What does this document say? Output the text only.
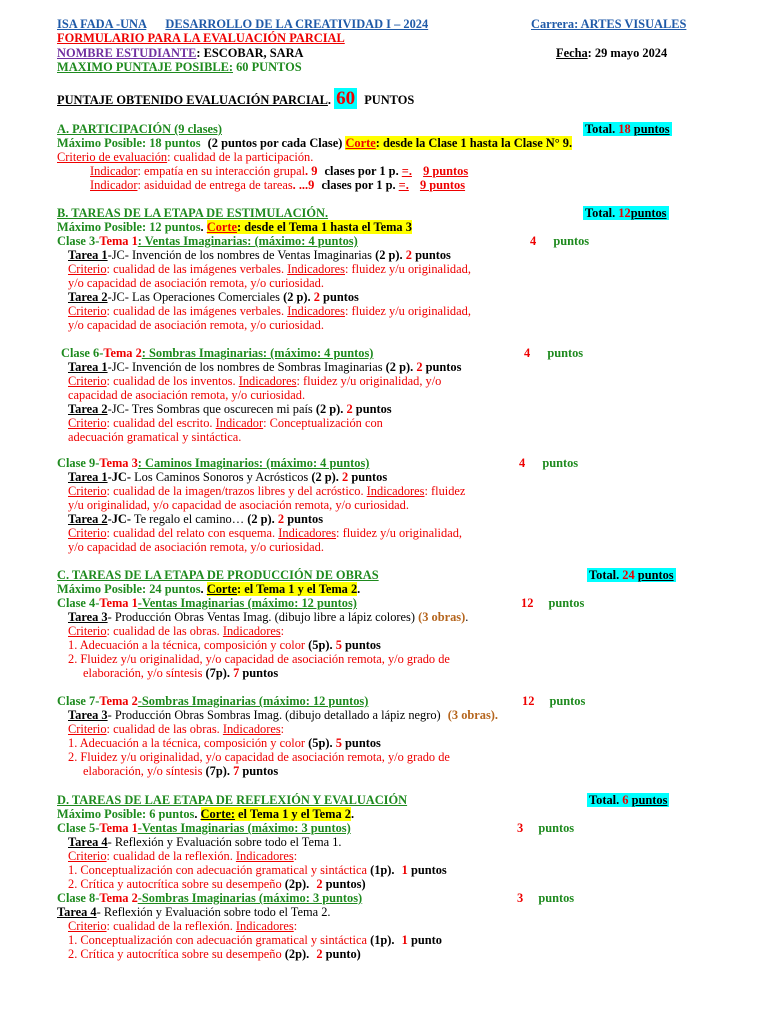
ISA FADA -UNA DESARROLLO DE LA CREATIVIDAD I – 2024	Carrera: ARTES VISUALES
FORMULARIO PARA LA EVALUACIÓN PARCIAL
NOMBRE ESTUDIANTE: ESCOBAR, SARA	Fecha: 29 mayo 2024
MAXIMO PUNTAJE POSIBLE: 60 PUNTOS
PUNTAJE OBTENIDO EVALUACIÓN PARCIAL. 60 PUNTOS
A. PARTICIPACIÓN (9 clases)	Total. 18 puntos
Máximo Posible: 18 puntos (2 puntos por cada Clase) Corte: desde la Clase 1 hasta la Clase N° 9.
Criterio de evaluación: cualidad de la participación.
Indicador: empatía en su interacción grupal. 9 clases por 1 p. =. 9 puntos
Indicador: asiduidad de entrega de tareas. ...9 clases por 1 p. =. 9 puntos
B. TAREAS DE LA ETAPA DE ESTIMULACIÓN.	Total. 12puntos
Máximo Posible: 12 puntos. Corte: desde el Tema 1 hasta el Tema 3
Clase 3-Tema 1: Ventas Imaginarias: (máximo: 4 puntos)	4 puntos
Tarea 1-JC- Invención de los nombres de Ventas Imaginarias (2 p). 2 puntos
Criterio: cualidad de las imágenes verbales. Indicadores: fluidez y/u originalidad,
y/o capacidad de asociación remota, y/o curiosidad.
Tarea 2-JC- Las Operaciones Comerciales (2 p). 2 puntos
Criterio: cualidad de las imágenes verbales. Indicadores: fluidez y/u originalidad,
y/o capacidad de asociación remota, y/o curiosidad.
Clase 6-Tema 2: Sombras Imaginarias: (máximo: 4 puntos)	4 puntos
Tarea 1-JC- Invención de los nombres de Sombras Imaginarias (2 p). 2 puntos
Criterio: cualidad de los inventos. Indicadores: fluidez y/u originalidad, y/o
capacidad de asociación remota, y/o curiosidad.
Tarea 2-JC- Tres Sombras que oscurecen mi país (2 p). 2 puntos
Criterio: cualidad del escrito. Indicador: Conceptualización con
adecuación gramatical y sintáctica.
Clase 9-Tema 3: Caminos Imaginarios: (máximo: 4 puntos)	4 puntos
Tarea 1-JC- Los Caminos Sonoros y Acrósticos (2 p). 2 puntos
Criterio: cualidad de la imagen/trazos libres y del acróstico. Indicadores: fluidez
y/u originalidad, y/o capacidad de asociación remota, y/o curiosidad.
Tarea 2-JC- Te regalo el camino… (2 p). 2 puntos
Criterio: cualidad del relato con esquema. Indicadores: fluidez y/u originalidad,
y/o capacidad de asociación remota, y/o curiosidad.
C. TAREAS DE LA ETAPA DE PRODUCCIÓN DE OBRAS	Total. 24 puntos
Máximo Posible: 24 puntos. Corte: el Tema 1 y el Tema 2.
Clase 4-Tema 1-Ventas Imaginarias (máximo: 12 puntos)	12 puntos
Tarea 3- Producción Obras Ventas Imag. (dibujo libre a lápiz colores) (3 obras).
Criterio: cualidad de las obras. Indicadores:
1. Adecuación a la técnica, composición y color (5p). 5 puntos
2. Fluidez y/u originalidad, y/o capacidad de asociación remota, y/o grado de
elaboración, y/o síntesis (7p). 7 puntos
Clase 7-Tema 2-Sombras Imaginarias (máximo: 12 puntos)	12 puntos
Tarea 3- Producción Obras Sombras Imag. (dibujo detallado a lápiz negro) (3 obras).
Criterio: cualidad de las obras. Indicadores:
1. Adecuación a la técnica, composición y color (5p). 5 puntos
2. Fluidez y/u originalidad, y/o capacidad de asociación remota, y/o grado de
elaboración, y/o síntesis (7p). 7 puntos
D. TAREAS DE LAE ETAPA DE REFLEXIÓN Y EVALUACIÓN	Total. 6 puntos
Máximo Posible: 6 puntos. Corte: el Tema 1 y el Tema 2.
Clase 5-Tema 1-Ventas Imaginarias (máximo: 3 puntos)	3 puntos
Tarea 4- Reflexión y Evaluación sobre todo el Tema 1.
Criterio: cualidad de la reflexión. Indicadores:
1. Conceptualización con adecuación gramatical y sintáctica (1p). 1 puntos
2. Crítica y autocrítica sobre su desempeño (2p). 2 puntos)
Clase 8-Tema 2-Sombras Imaginarias (máximo: 3 puntos)	3 puntos
Tarea 4- Reflexión y Evaluación sobre todo el Tema 2.
Criterio: cualidad de la reflexión. Indicadores:
1. Conceptualización con adecuación gramatical y sintáctica (1p). 1 punto
2. Crítica y autocrítica sobre su desempeño (2p). 2 punto)
